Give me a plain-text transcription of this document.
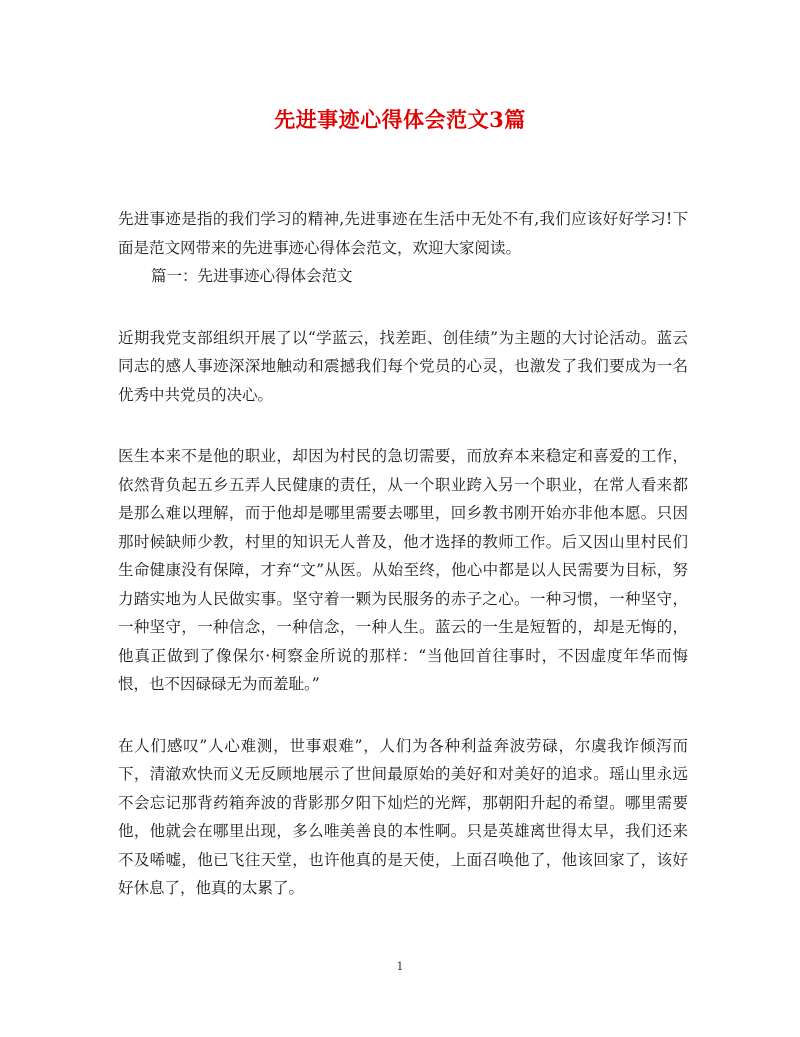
先进事迹心得体会范文3篇

先进事迹是指的我们学习的精神,先进事迹在生活中无处不有,我们应该好好学习!下面是范文网带来的先进事迹心得体会范文，欢迎大家阅读。

篇一：先进事迹心得体会范文

近期我党支部组织开展了以“学蓝云，找差距、创佳绩”为主题的大讨论活动。蓝云同志的感人事迹深深地触动和震撼我们每个党员的心灵，也激发了我们要成为一名优秀中共党员的决心。

医生本来不是他的职业，却因为村民的急切需要，而放弃本来稳定和喜爱的工作，依然背负起五乡五弄人民健康的责任，从一个职业跨入另一个职业，在常人看来都是那么难以理解，而于他却是哪里需要去哪里，回乡教书刚开始亦非他本愿。只因那时候缺师少教，村里的知识无人普及，他才选择的教师工作。后又因山里村民们生命健康没有保障，才弃“文”从医。从始至终，他心中都是以人民需要为目标，努力踏实地为人民做实事。坚守着一颗为民服务的赤子之心。一种习惯，一种坚守，一种坚守，一种信念，一种信念，一种人生。蓝云的一生是短暂的，却是无悔的，他真正做到了像保尔·柯察金所说的那样：“当他回首往事时，不因虚度年华而悔恨，也不因碌碌无为而羞耻。”

在人们感叹”人心难测，世事艰难”，人们为各种利益奔波劳碌，尔虞我诈倾泻而下，清澈欢快而义无反顾地展示了世间最原始的美好和对美好的追求。瑶山里永远不会忘记那背药箱奔波的背影那夕阳下灿烂的光辉，那朝阳升起的希望。哪里需要他，他就会在哪里出现，多么唯美善良的本性啊。只是英雄离世得太早，我们还来不及唏嘘，他已飞往天堂，也许他真的是天使，上面召唤他了，他该回家了，该好好休息了，他真的太累了。

1
